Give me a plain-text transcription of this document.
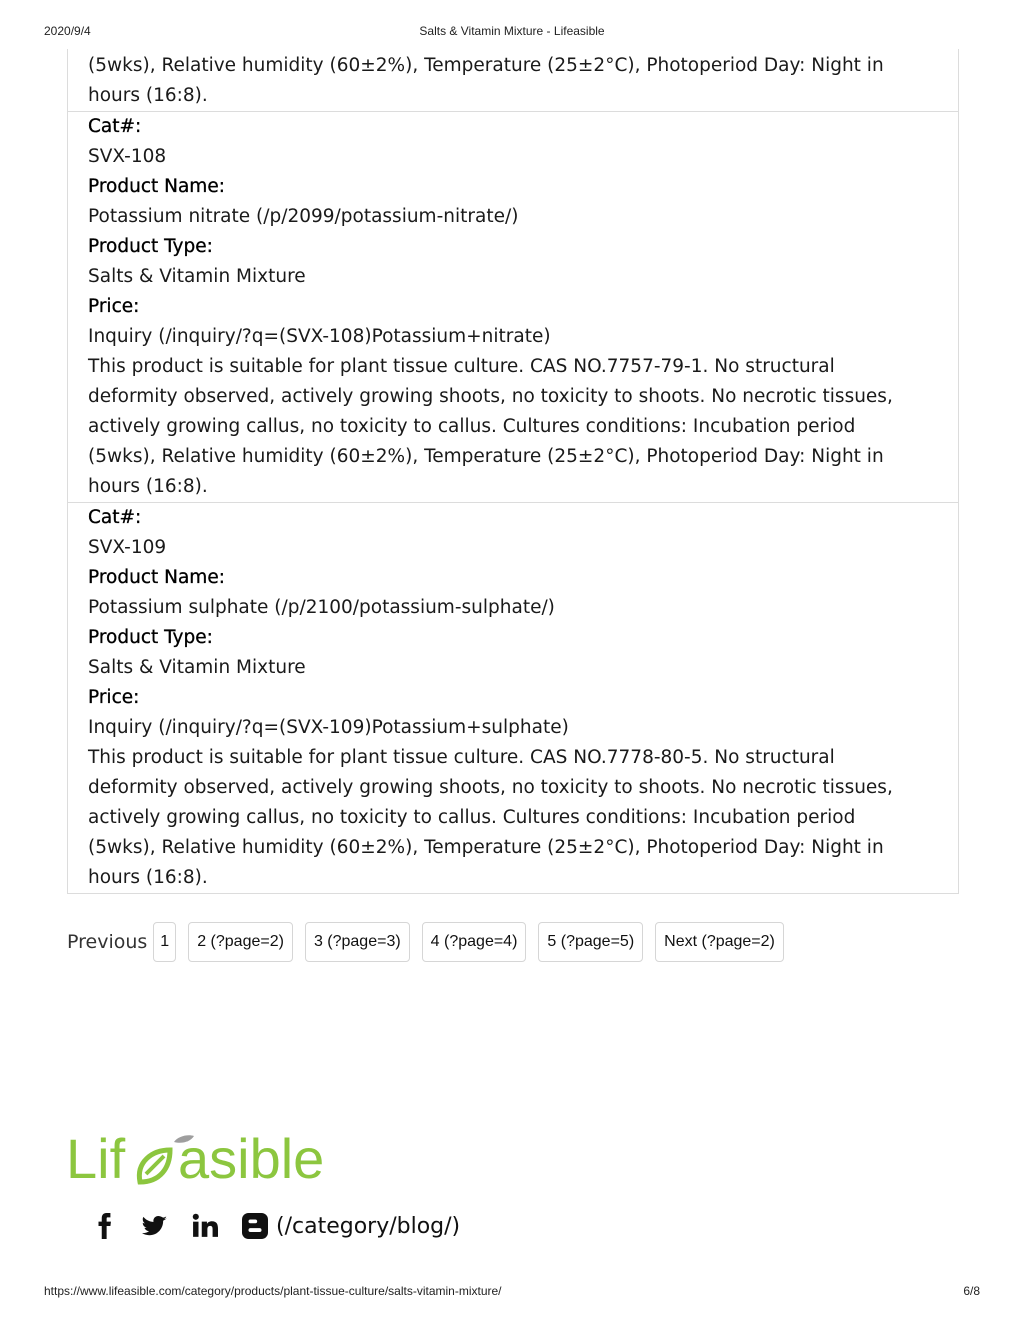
2020/9/4	Salts & Vitamin Mixture - Lifeasible

(5wks), Relative humidity (60±2%), Temperature (25±2°C), Photoperiod Day: Night in

hours (16:8).

Cat#:

SVX-108

Product Name:

Potassium nitrate (/p/2099/potassium-nitrate/)

Product Type:

Salts & Vitamin Mixture

Price:

Inquiry (/inquiry/?q=(SVX-108)Potassium+nitrate)

This product is suitable for plant tissue culture. CAS NO.7757-79-1. No structural

deformity observed, actively growing shoots, no toxicity to shoots. No necrotic tissues,

actively growing callus, no toxicity to callus. Cultures conditions: Incubation period

(5wks), Relative humidity (60±2%), Temperature (25±2°C), Photoperiod Day: Night in

hours (16:8).

Cat#:

SVX-109

Product Name:

Potassium sulphate (/p/2100/potassium-sulphate/)

Product Type:

Salts & Vitamin Mixture

Price:

Inquiry (/inquiry/?q=(SVX-109)Potassium+sulphate)

This product is suitable for plant tissue culture. CAS NO.7778-80-5. No structural

deformity observed, actively growing shoots, no toxicity to shoots. No necrotic tissues,

actively growing callus, no toxicity to callus. Cultures conditions: Incubation period

(5wks), Relative humidity (60±2%), Temperature (25±2°C), Photoperiod Day: Night in

hours (16:8).

Previous 1	2 (?page=2)	3 (?page=3)	4 (?page=4)	5 (?page=5)	Next (?page=2)
Lif asible
(/category/blog/)
https://www.lifeasible.com/category/products/plant-tissue-culture/salts-vitamin-mixture/	6/8
